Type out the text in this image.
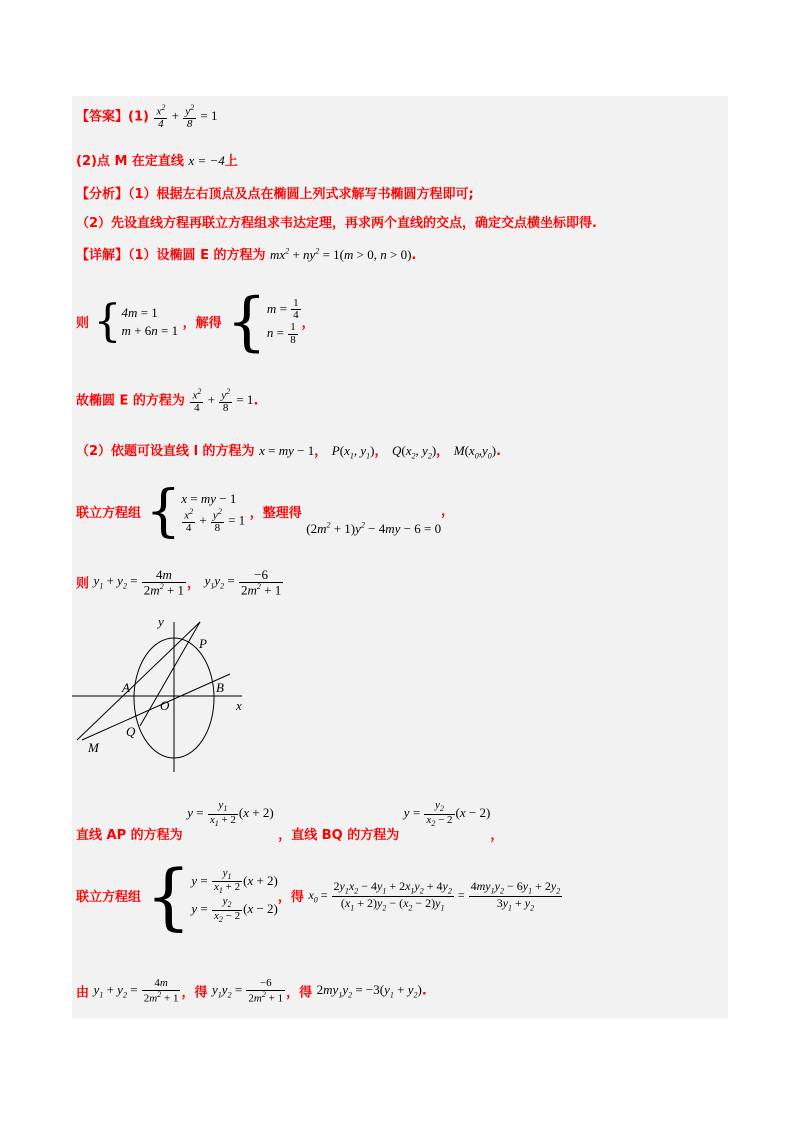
【答案】$(1) \frac{x^2}{4} + \frac{y^2}{8} = 1$
(2)点 M 在定直线 x = −4上
【分析】（1）根据左右顶点及点在椭圆上列式求解写书椭圆方程即可;
（2）先设直线方程再联立方程组求韦达定理，再求两个直线的交点，确定交点横坐标即得.
【详解】（1）设椭圆 E 的方程为 $mx^2 + ny^2 = 1(m > 0$, n > 0).
则 { 4m = 1
m + 6n = 1 ，解得 { $m = \frac{1}{4}$
$n = \frac{1}{8}$ ，
故椭圆 E 的方程为 $\frac{x^2}{4} + \frac{y^2}{8} = 1$.
（2）依题可设直线 l 的方程为 x = my − 1， $P(x_1$, $y_1$)， $Q(x_2$, $y_2$)， $M(x_0,y_0)$.
联立方程组 { x = my − 1
$\frac{x^2}{4} + \frac{y^2}{8} = 1$ ，整理得 $(2m^2 + 1)y^2 - 4my - 6 = 0$，
则 $y_1 + y_2 = \frac{4m}{2m^2 + 1}$ ， $y_1y_2 = \frac{-6}{2m^2 + 1}$
y
P
A	B
O	x
Q
M
直线 AP 的方程为 $y = \frac{y_1}{x_1 + 2} (x + 2)$ ，直线 BQ 的方程为 $y = \frac{y_2}{x_2 - 2} (x - 2)$，
联立方程组 { $y = \frac{y_1}{x_1 + 2} (x + 2)$
$y = \frac{y_2}{x_2 - 2} (x - 2)$
，得 $x_0 = \frac{2y_1x_2 - 4y_1 + 2x_1y_2 + 4y_2}{(x_1 + 2)y_2 - (x_2 - 2)y_1} = \frac{4my_1y_2 - 6y_1 + 2y_2}{3y_1 + y_2}$
由 $y_1 + y_2 = \frac{4m}{2m^2 + 1}$ ，得 $y_1y_2 = \frac{-6}{2m^2 + 1}$ ，得 $2my_1y_2 = -3(y_1 + y_2)$.
